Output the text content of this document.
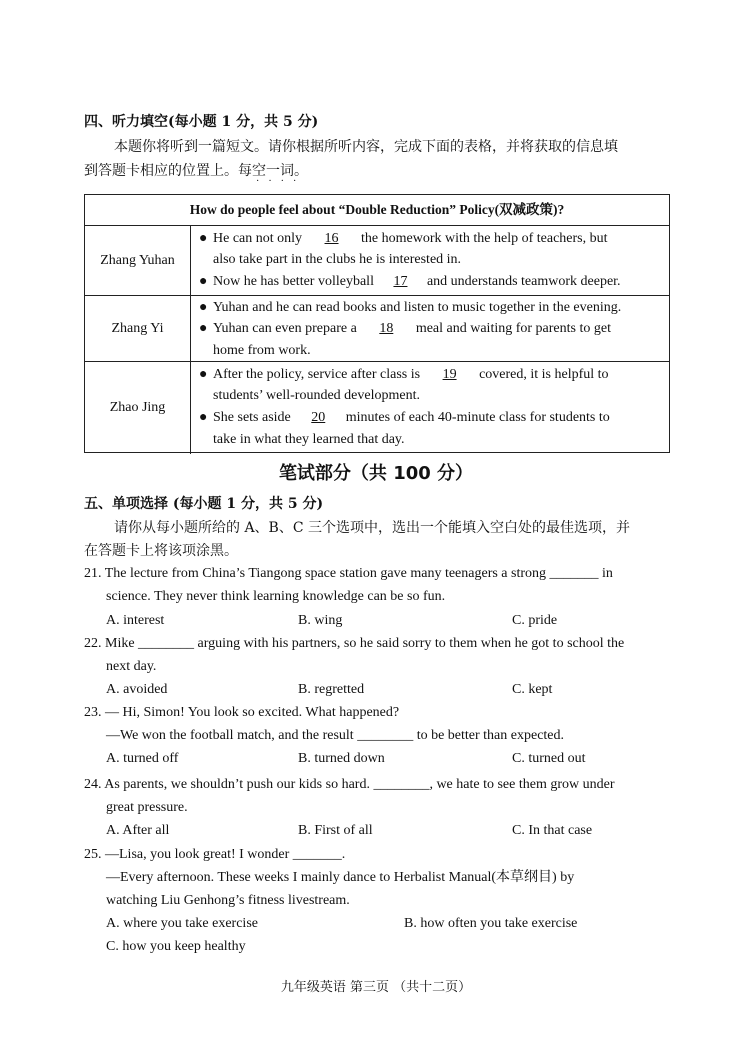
四、听力填空(每小题 1 分，共 5 分)
本题你将听到一篇短文。请你根据所听内容，完成下面的表格，并将获取的信息填
到答题卡相应的位置上。每空一词。
····
How do people feel about “Double Reduction” Policy(双减政策)?
Zhang Yuhan
● He can not only 16 the homework with the help of teachers, but
also take part in the clubs he is interested in.
● Now he has better volleyball 17 and understands teamwork deeper.
Zhang Yi
● Yuhan and he can read books and listen to music together in the evening.
● Yuhan can even prepare a 18 meal and waiting for parents to get
home from work.
Zhao Jing
● After the policy, service after class is 19 covered, it is helpful to
students’ well-rounded development.
● She sets aside 20 minutes of each 40-minute class for students to
take in what they learned that day.
笔试部分（共 100 分）
五、单项选择 (每小题 1 分，共 5 分)
请你从每小题所给的 A、B、C 三个选项中，选出一个能填入空白处的最佳选项，并
在答题卡上将该项涂黑。
21. The lecture from China’s Tiangong space station gave many teenagers a strong _______ in
science. They never think learning knowledge can be so fun.
A. interest	B. wing	C. pride
22. Mike ________ arguing with his partners, so he said sorry to them when he got to school the
next day.
A. avoided	B. regretted	C. kept
23. — Hi, Simon! You look so excited. What happened?
—We won the football match, and the result ________ to be better than expected.
A. turned off	B. turned down	C. turned out
24. As parents, we shouldn’t push our kids so hard. ________, we hate to see them grow under
great pressure.
A. After all	B. First of all	C. In that case
25. —Lisa, you look great! I wonder _______.
—Every afternoon. These weeks I mainly dance to Herbalist Manual(本草纲目) by
watching Liu Genhong’s fitness livestream.
A. where you take exercise	B. how often you take exercise
C. how you keep healthy
九年级英语 第三页 （共十二页）
